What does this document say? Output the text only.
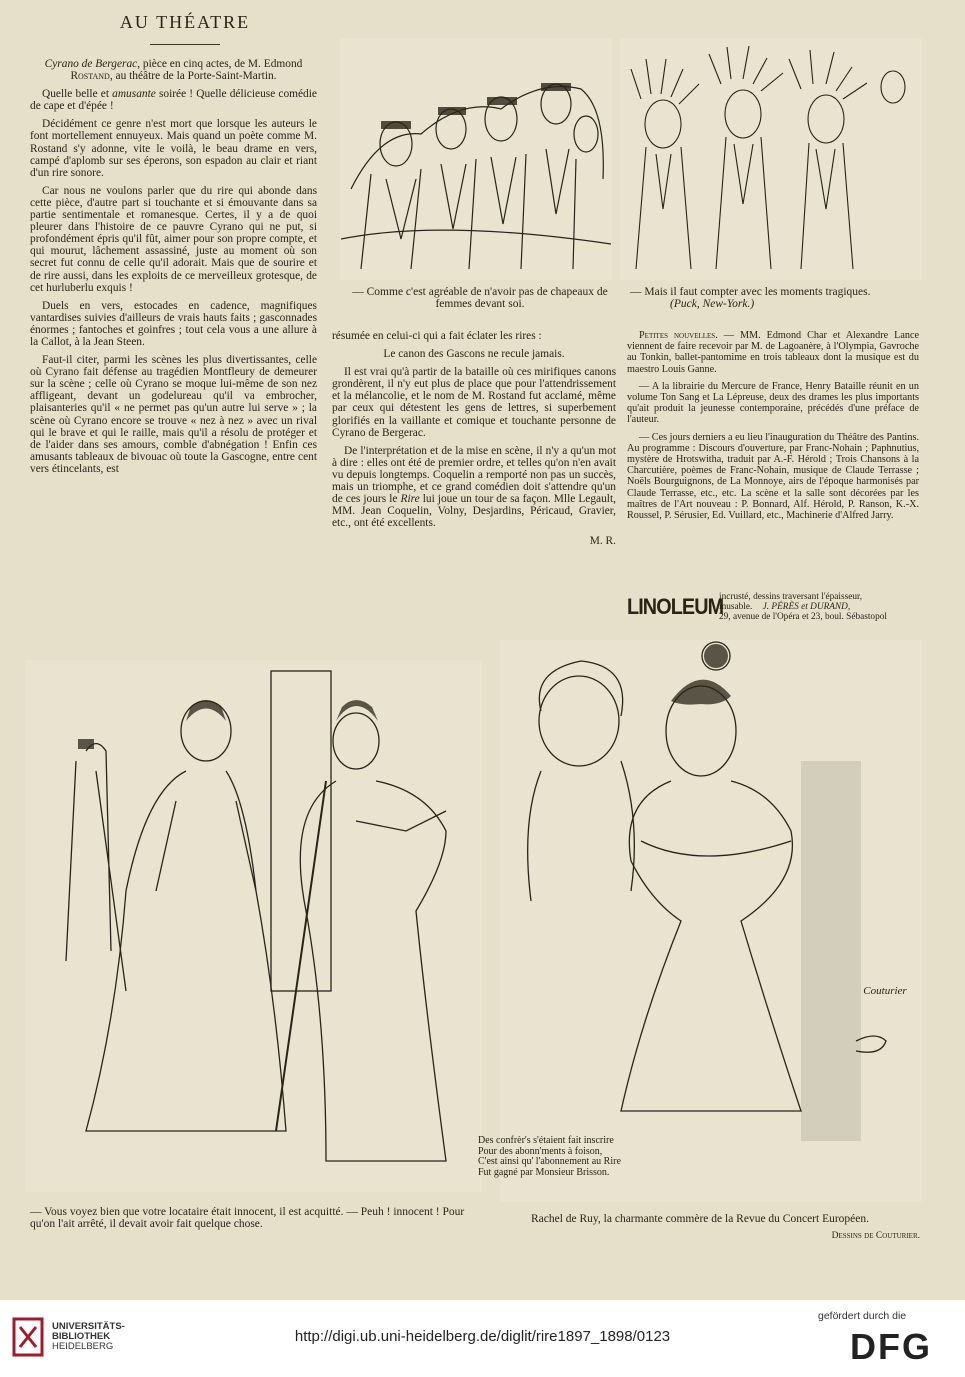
AU THÉATRE

Cyrano de Bergerac, pièce en cinq actes, de M. Edmond Rostand, au théâtre de la Porte-Saint-Martin.

Quelle belle et amusante soirée ! Quelle délicieuse comédie de cape et d'épée !

Décidément ce genre n'est mort que lorsque les auteurs le font mortellement ennuyeux. Mais quand un poète comme M. Rostand s'y adonne, vite le voilà, le beau drame en vers, campé d'aplomb sur ses éperons, son espadon au clair et riant d'un rire sonore.

Car nous ne voulons parler que du rire qui abonde dans cette pièce, d'autre part si touchante et si émouvante dans sa partie sentimentale et romanesque. Certes, il y a de quoi pleurer dans l'histoire de ce pauvre Cyrano qui ne put, si profondément épris qu'il fût, aimer pour son propre compte, et qui mourut, lâchement assassiné, juste au moment où son secret fut connu de celle qu'il adorait. Mais que de sourire et de rire aussi, dans les exploits de ce merveilleux grotesque, de cet hurluberlu exquis !

Duels en vers, estocades en cadence, magnifiques vantardises suivies d'ailleurs de vrais hauts faits ; gasconnades énormes ; fantoches et goinfres ; tout cela vous a une allure à la Callot, à la Jean Steen.

Faut-il citer, parmi les scènes les plus divertissantes, celle où Cyrano fait défense au tragédien Montfleury de demeurer sur la scène ; celle où Cyrano se moque lui-même de son nez affligeant, devant un godelureau qu'il va embrocher, plaisanteries qu'il « ne permet pas qu'un autre lui serve » ; la scène où Cyrano encore se trouve « nez à nez » avec un rival qui le brave et qui le raille, mais qu'il a résolu de protéger et de l'aider dans ses amours, comble d'abnégation ! Enfin ces amusants tableaux de bivouac où toute la Gascogne, entre cent vers étincelants, est

— Comme c'est agréable de n'avoir pas de chapeaux de femmes devant soi.
— Mais il faut compter avec les moments tragiques. (Puck, New-York.)

résumée en celui-ci qui a fait éclater les rires :

Le canon des Gascons ne recule jamais.

Il est vrai qu'à partir de la bataille où ces mirifiques canons grondèrent, il n'y eut plus de place que pour l'attendrissement et la mélancolie, et le nom de M. Rostand fut acclamé, même par ceux qui détestent les gens de lettres, si superbement glorifiés en la vaillante et comique et touchante personne de Cyrano de Bergerac.

De l'interprétation et de la mise en scène, il n'y a qu'un mot à dire : elles ont été de premier ordre, et telles qu'on n'en avait vu depuis longtemps. Coquelin a remporté non pas un succès, mais un triomphe, et ce grand comédien doit s'attendre qu'un de ces jours le Rire lui joue un tour de sa façon. Mlle Legault, MM. Jean Coquelin, Volny, Desjardins, Péricaud, Gravier, etc., ont été excellents.

M. R.

Petites nouvelles. — MM. Edmond Char et Alexandre Lance viennent de faire recevoir par M. de Lagoanère, à l'Olympia, Gavroche au Tonkin, ballet-pantomime en trois tableaux dont la musique est du maestro Louis Ganne.

— A la librairie du Mercure de France, Henry Bataille réunit en un volume Ton Sang et La Lépreuse, deux des drames les plus importants qu'ait produit la jeunesse contemporaine, précédés d'une préface de l'auteur.

— Ces jours derniers a eu lieu l'inauguration du Théâtre des Pantins. Au programme : Discours d'ouverture, par Franc-Nohain ; Paphnutius, mystère de Hrotswitha, traduit par A.-F. Hérold ; Trois Chansons à la Charcutière, poèmes de Franc-Nohain, musique de Claude Terrasse ; Noëls Bourguignons, de La Monnoye, airs de l'époque harmonisés par Claude Terrasse, etc., etc. La scène et la salle sont décorées par les maîtres de l'Art nouveau : P. Bonnard, Alf. Hérold, P. Ranson, K.-X. Roussel, P. Sérusier, Ed. Vuillard, etc., Machinerie d'Alfred Jarry.

LINOLEUM
incrusté, dessins traversant l'épaisseur,
inusable. J. PÉRÈS et DURAND,
29, avenue de l'Opéra et 23, boul. Sébastopol
— Vous voyez bien que votre locataire était innocent, il est acquitté. — Peuh ! innocent ! Pour qu'on l'ait arrêté, il devait avoir fait quelque chose.
Couturier
Des confrèr's s'étaient fait inscrire
Pour des abonn'ments à foison,
C'est ainsi qu' l'abonnement au Rire
Fut gagné par Monsieur Brisson.
Rachel de Ruy, la charmante commère de la Revue du Concert Européen.
Dessins de Couturier.
UNIVERSITÄTS-
BIBLIOTHEK
HEIDELBERG
http://digi.ub.uni-heidelberg.de/diglit/rire1897_1898/0123
gefördert durch die
DFG
